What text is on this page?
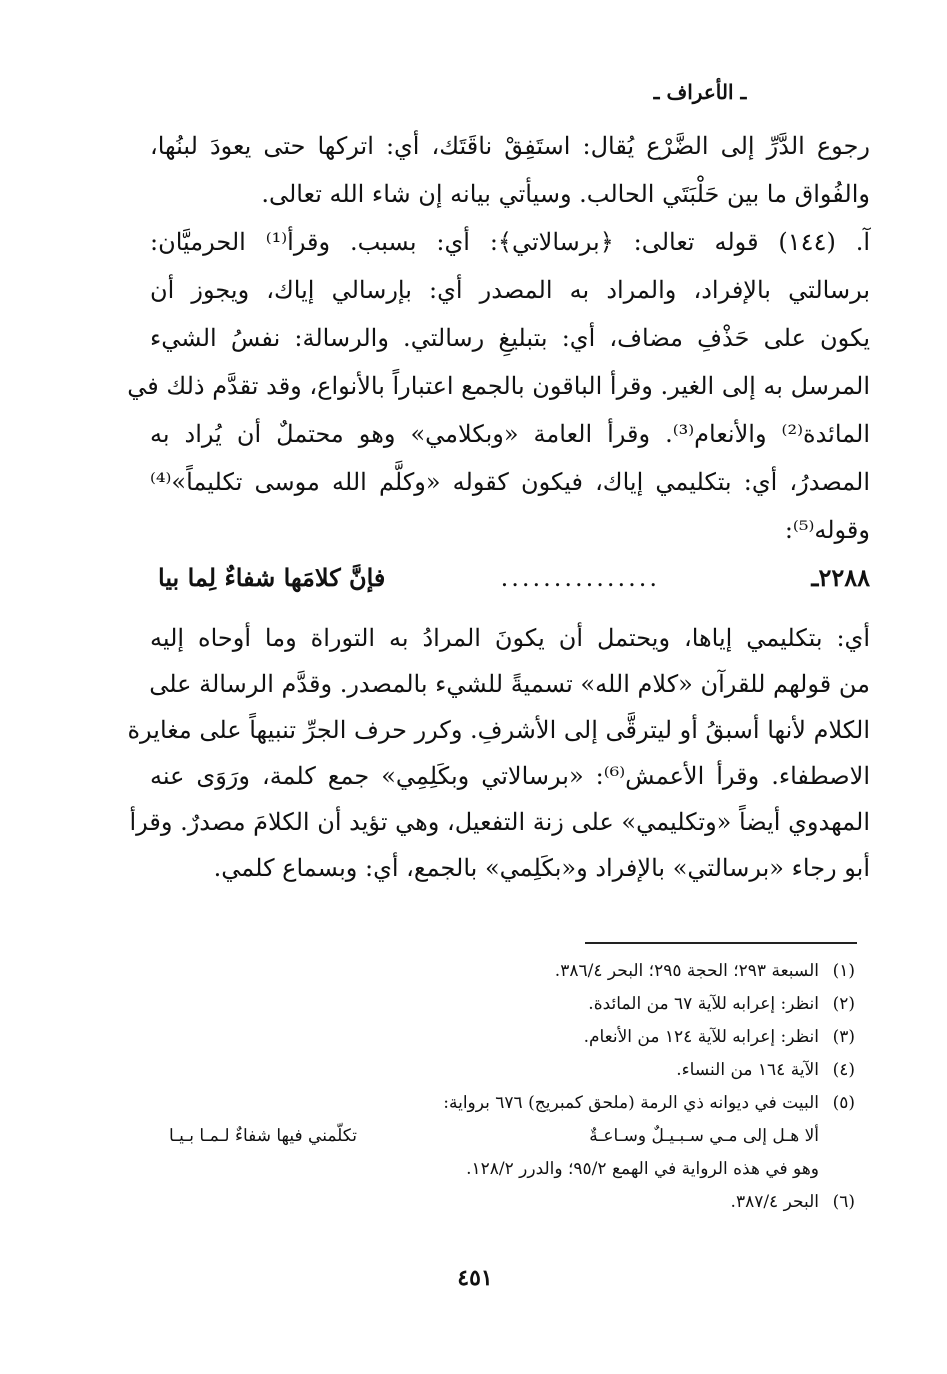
ـ الأعراف ـ
رجوع الدَّرِّ إلى الضَّرْع يُقال: استَفِقْ ناقَتَك، أي: اتركها حتى يعودَ لبنُها،
والفُواق ما بين حَلْبَتَي الحالب. وسيأتي بيانه إن شاء الله تعالى.
آ. (١٤٤) قوله تعالى: ﴿برسالاتي﴾: أي: بسبب. وقرأ⁽¹⁾ الحرميَّان:
برسالتي بالإفراد، والمراد به المصدر أي: بإرسالي إياك، ويجوز أن
يكون على حَذْفِ مضاف، أي: بتبليغِ رسالتي. والرسالة: نفسُ الشيء
المرسل به إلى الغير. وقرأ الباقون بالجمع اعتباراً بالأنواع، وقد تقدَّم ذلك في
المائدة⁽²⁾ والأنعام⁽³⁾. وقرأ العامة «وبكلامي» وهو محتملٌ أن يُراد به
المصدرُ، أي: بتكليمي إياك، فيكون كقوله «وكلَّم الله موسى تكليماً»⁽⁴⁾
وقوله⁽⁵⁾:
٢٢٨٨ـ
...............
فإنَّ كلامَها شفاءٌ لِما بيا
أي: بتكليمي إياها، ويحتمل أن يكونَ المرادُ به التوراة وما أوحاه إليه
من قولهم للقرآن «كلام الله» تسميةً للشيء بالمصدر. وقدَّم الرسالة على
الكلام لأنها أسبقُ أو ليترقَّى إلى الأشرفِ. وكرر حرف الجرِّ تنبيهاً على مغايرة
الاصطفاء. وقرأ الأعمش⁽⁶⁾: «برسالاتي وبكَلِمِي» جمع كلمة، ورَوَى عنه
المهدوي أيضاً «وتكليمي» على زنة التفعيل، وهي تؤيد أن الكلامَ مصدرٌ. وقرأ
أبو رجاء «برسالتي» بالإفراد و«بكَلِمي» بالجمع، أي: وبسماع كلمي.
(١)السبعة ٢٩٣؛ الحجة ٢٩٥؛ البحر ٣٨٦/٤.
(٢)انظر: إعرابه للآية ٦٧ من المائدة.
(٣)انظر: إعرابه للآية ١٢٤ من الأنعام.
(٤)الآية ١٦٤ من النساء.
(٥)البيت في ديوانه ذي الرمة (ملحق كمبريج) ٦٧٦ برواية:
ألا هـل إلى مـي سـبـيـلٌ وسـاعـةٌ
تكلّمني فيها شفاءٌ لـمـا بـيـا
وهو في هذه الرواية في الهمع ٩٥/٢؛ والدرر ١٢٨/٢.
(٦)البحر ٣٨٧/٤.
٤٥١
